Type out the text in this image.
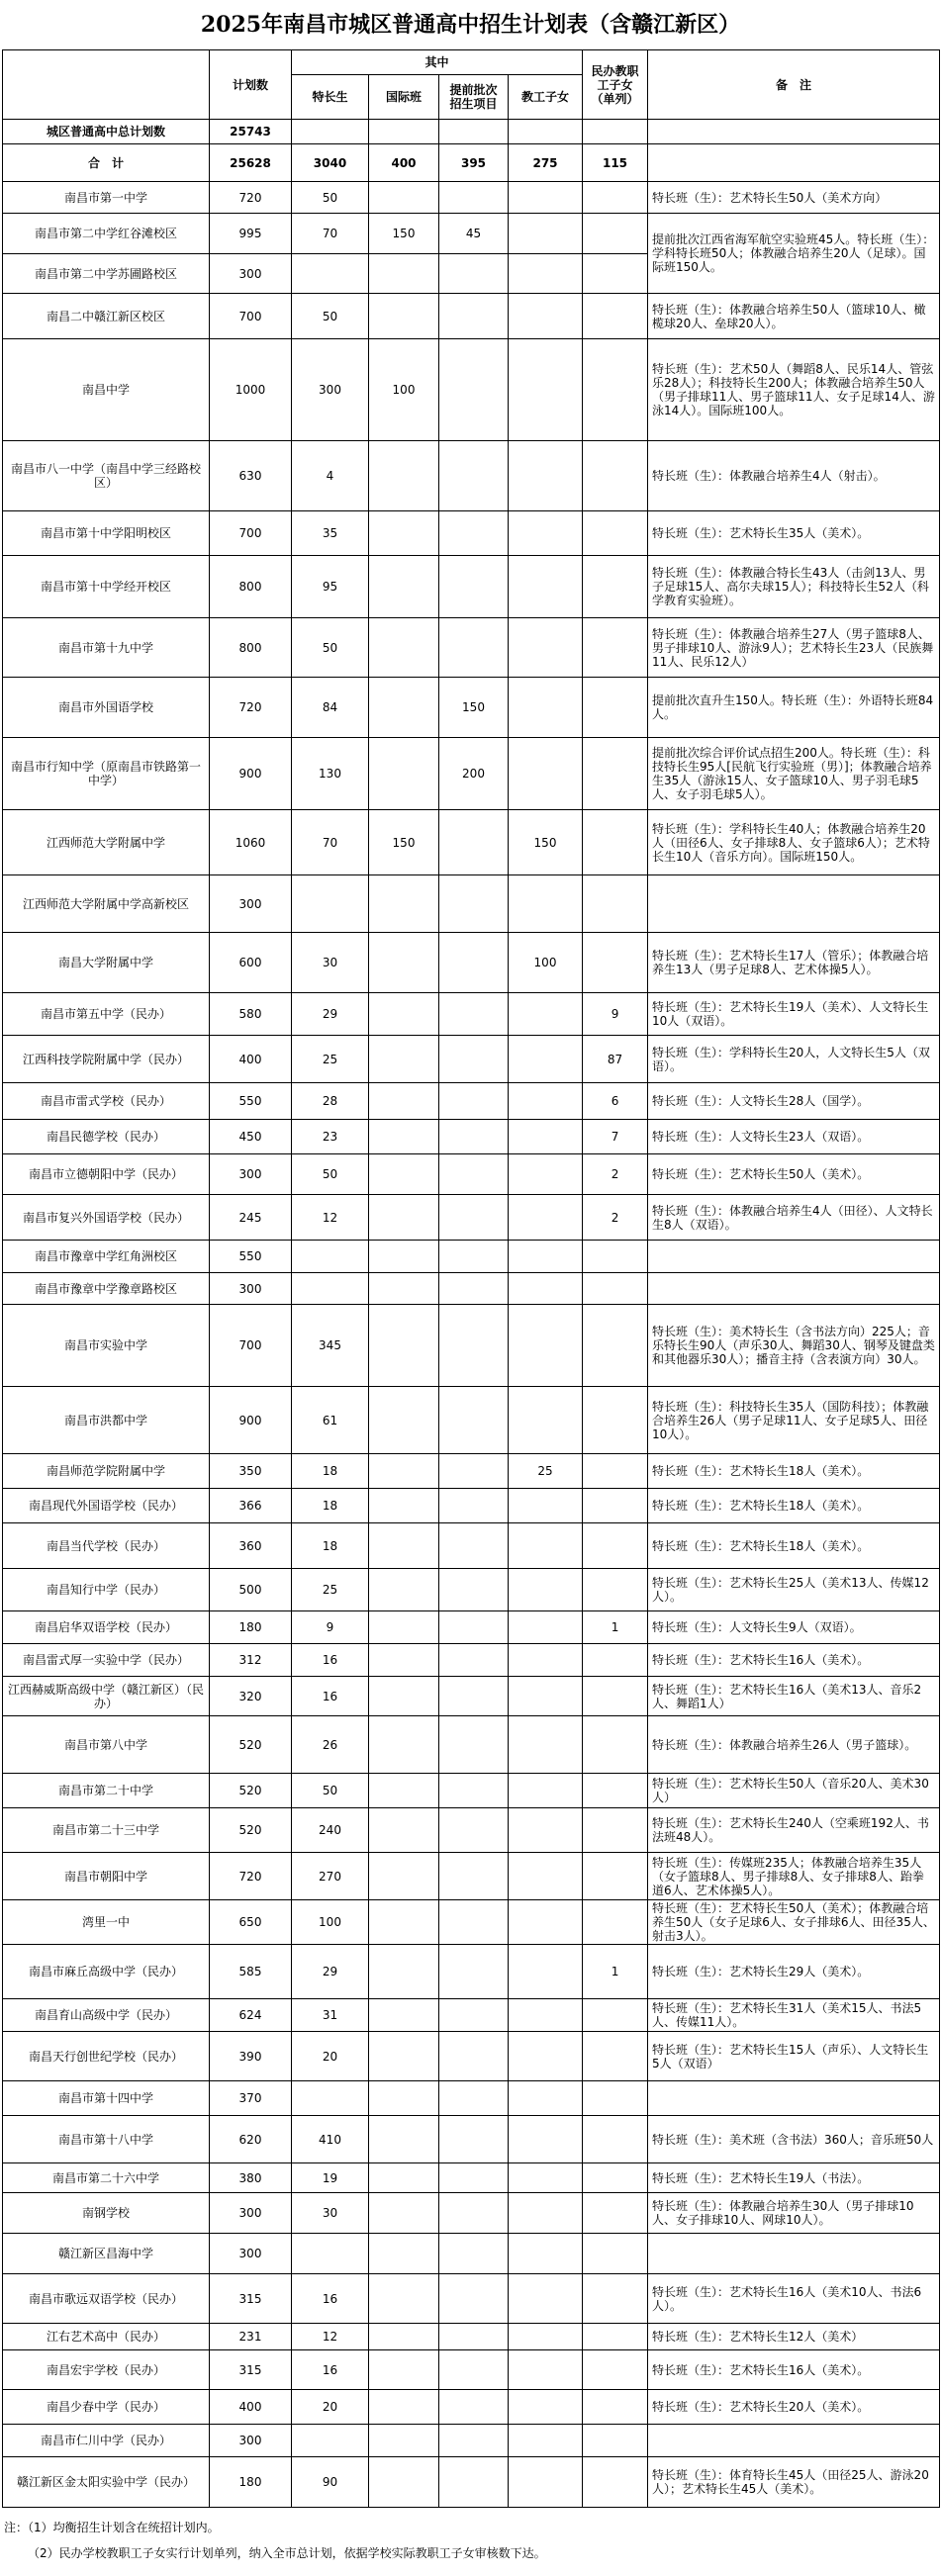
2025年南昌市城区普通高中招生计划表（含赣江新区）
	计划数	其中				民办教职工子女（单列）	备　注
		特长生	国际班	提前批次招生项目	教工子女		
城区普通高中总计划数	25743						
合　计	25628	3040	400	395	275	115	
南昌市第一中学	720	50					特长班（生）：艺术特长生50人（美术方向）
南昌市第二中学红谷滩校区	995	70	150	45			提前批次江西省海军航空实验班45人。特长班（生）：学科特长班50人；体教融合培养生20人（足球）。国际班150人。
南昌市第二中学苏圃路校区	300						
南昌二中赣江新区校区	700	50					特长班（生）：体教融合培养生50人（篮球10人、橄榄球20人、垒球20人）。
南昌中学	1000	300	100				特长班（生）：艺术50人（舞蹈8人、民乐14人、管弦乐28人）；科技特长生200人；体教融合培养生50人（男子排球11人、男子篮球11人、女子足球14人、游泳14人）。国际班100人。
南昌市八一中学（南昌中学三经路校区）	630	4					特长班（生）：体教融合培养生4人（射击）。
南昌市第十中学阳明校区	700	35					特长班（生）：艺术特长生35人（美术）。
南昌市第十中学经开校区	800	95					特长班（生）：体教融合特长生43人（击剑13人、男子足球15人、高尔夫球15人）；科技特长生52人（科学教育实验班）。
南昌市第十九中学	800	50					特长班（生）：体教融合培养生27人（男子篮球8人、男子排球10人、游泳9人）；艺术特长生23人（民族舞11人、民乐12人）
南昌市外国语学校	720	84		150			提前批次直升生150人。特长班（生）：外语特长班84人。
南昌市行知中学（原南昌市铁路第一中学）	900	130		200			提前批次综合评价试点招生200人。特长班（生）：科技特长生95人[民航飞行实验班（男）]；体教融合培养生35人（游泳15人、女子篮球10人、男子羽毛球5人、女子羽毛球5人）。
江西师范大学附属中学	1060	70	150		150		特长班（生）：学科特长生40人；体教融合培养生20人（田径6人、女子排球8人、女子篮球6人）；艺术特长生10人（音乐方向）。国际班150人。
江西师范大学附属中学高新校区	300						
南昌大学附属中学	600	30			100		特长班（生）：艺术特长生17人（管乐）；体教融合培养生13人（男子足球8人、艺术体操5人）。
南昌市第五中学（民办）	580	29				9	特长班（生）：艺术特长生19人（美术）、人文特长生10人（双语）。
江西科技学院附属中学（民办）	400	25				87	特长班（生）：学科特长生20人，人文特长生5人（双语）。
南昌市雷式学校（民办）	550	28				6	特长班（生）：人文特长生28人（国学）。
南昌民德学校（民办）	450	23				7	特长班（生）：人文特长生23人（双语）。
南昌市立德朝阳中学（民办）	300	50				2	特长班（生）：艺术特长生50人（美术）。
南昌市复兴外国语学校（民办）	245	12				2	特长班（生）：体教融合培养生4人（田径）、人文特长生8人（双语）。
南昌市豫章中学红角洲校区	550						
南昌市豫章中学豫章路校区	300						
南昌市实验中学	700	345					特长班（生）：美术特长生（含书法方向）225人；音乐特长生90人（声乐30人、舞蹈30人、钢琴及键盘类和其他器乐30人）；播音主持（含表演方向）30人。
南昌市洪都中学	900	61					特长班（生）：科技特长生35人（国防科技）；体教融合培养生26人（男子足球11人、女子足球5人、田径10人）。
南昌师范学院附属中学	350	18			25		特长班（生）：艺术特长生18人（美术）。
南昌现代外国语学校（民办）	366	18					特长班（生）：艺术特长生18人（美术）。
南昌当代学校（民办）	360	18					特长班（生）：艺术特长生18人（美术）。
南昌知行中学（民办）	500	25					特长班（生）：艺术特长生25人（美术13人、传媒12人）。
南昌启华双语学校（民办）	180	9				1	特长班（生）：人文特长生9人（双语）。
南昌雷式厚一实验中学（民办）	312	16					特长班（生）：艺术特长生16人（美术）。
江西赫威斯高级中学（赣江新区）（民办）	320	16					特长班（生）：艺术特长生16人（美术13人、音乐2人、舞蹈1人）
南昌市第八中学	520	26					特长班（生）：体教融合培养生26人（男子篮球）。
南昌市第二十中学	520	50					特长班（生）：艺术特长生50人（音乐20人、美术30人）
南昌市第二十三中学	520	240					特长班（生）：艺术特长生240人（空乘班192人、书法班48人）。
南昌市朝阳中学	720	270					特长班（生）：传媒班235人；体教融合培养生35人（女子篮球8人、男子排球8人、女子排球8人、跆拳道6人、艺术体操5人）。
湾里一中	650	100					特长班（生）：艺术特长生50人（美术）；体教融合培养生50人（女子足球6人、女子排球6人、田径35人、射击3人）。
南昌市麻丘高级中学（民办）	585	29				1	特长班（生）：艺术特长生29人（美术）。
南昌育山高级中学（民办）	624	31					特长班（生）：艺术特长生31人（美术15人、书法5人、传媒11人）。
南昌天行创世纪学校（民办）	390	20					特长班（生）：艺术特长生15人（声乐）、人文特长生5人（双语）
南昌市第十四中学	370						
南昌市第十八中学	620	410					特长班（生）：美术班（含书法）360人；音乐班50人
南昌市第二十六中学	380	19					特长班（生）：艺术特长生19人（书法）。
南钢学校	300	30					特长班（生）：体教融合培养生30人（男子排球10人、女子排球10人、网球10人）。
赣江新区昌海中学	300						
南昌市歌远双语学校（民办）	315	16					特长班（生）：艺术特长生16人（美术10人、书法6人）。
江右艺术高中（民办）	231	12					特长班（生）：艺术特长生12人（美术）
南昌宏宇学校（民办）	315	16					特长班（生）：艺术特长生16人（美术）。
南昌少春中学（民办）	400	20					特长班（生）：艺术特长生20人（美术）。
南昌市仁川中学（民办）	300						
赣江新区金太阳实验中学（民办）	180	90					特长班（生）：体育特长生45人（田径25人、游泳20人）；艺术特长生45人（美术）。
注：（1）均衡招生计划含在统招计划内。
（2）民办学校教职工子女实行计划单列，纳入全市总计划，依据学校实际教职工子女审核数下达。
